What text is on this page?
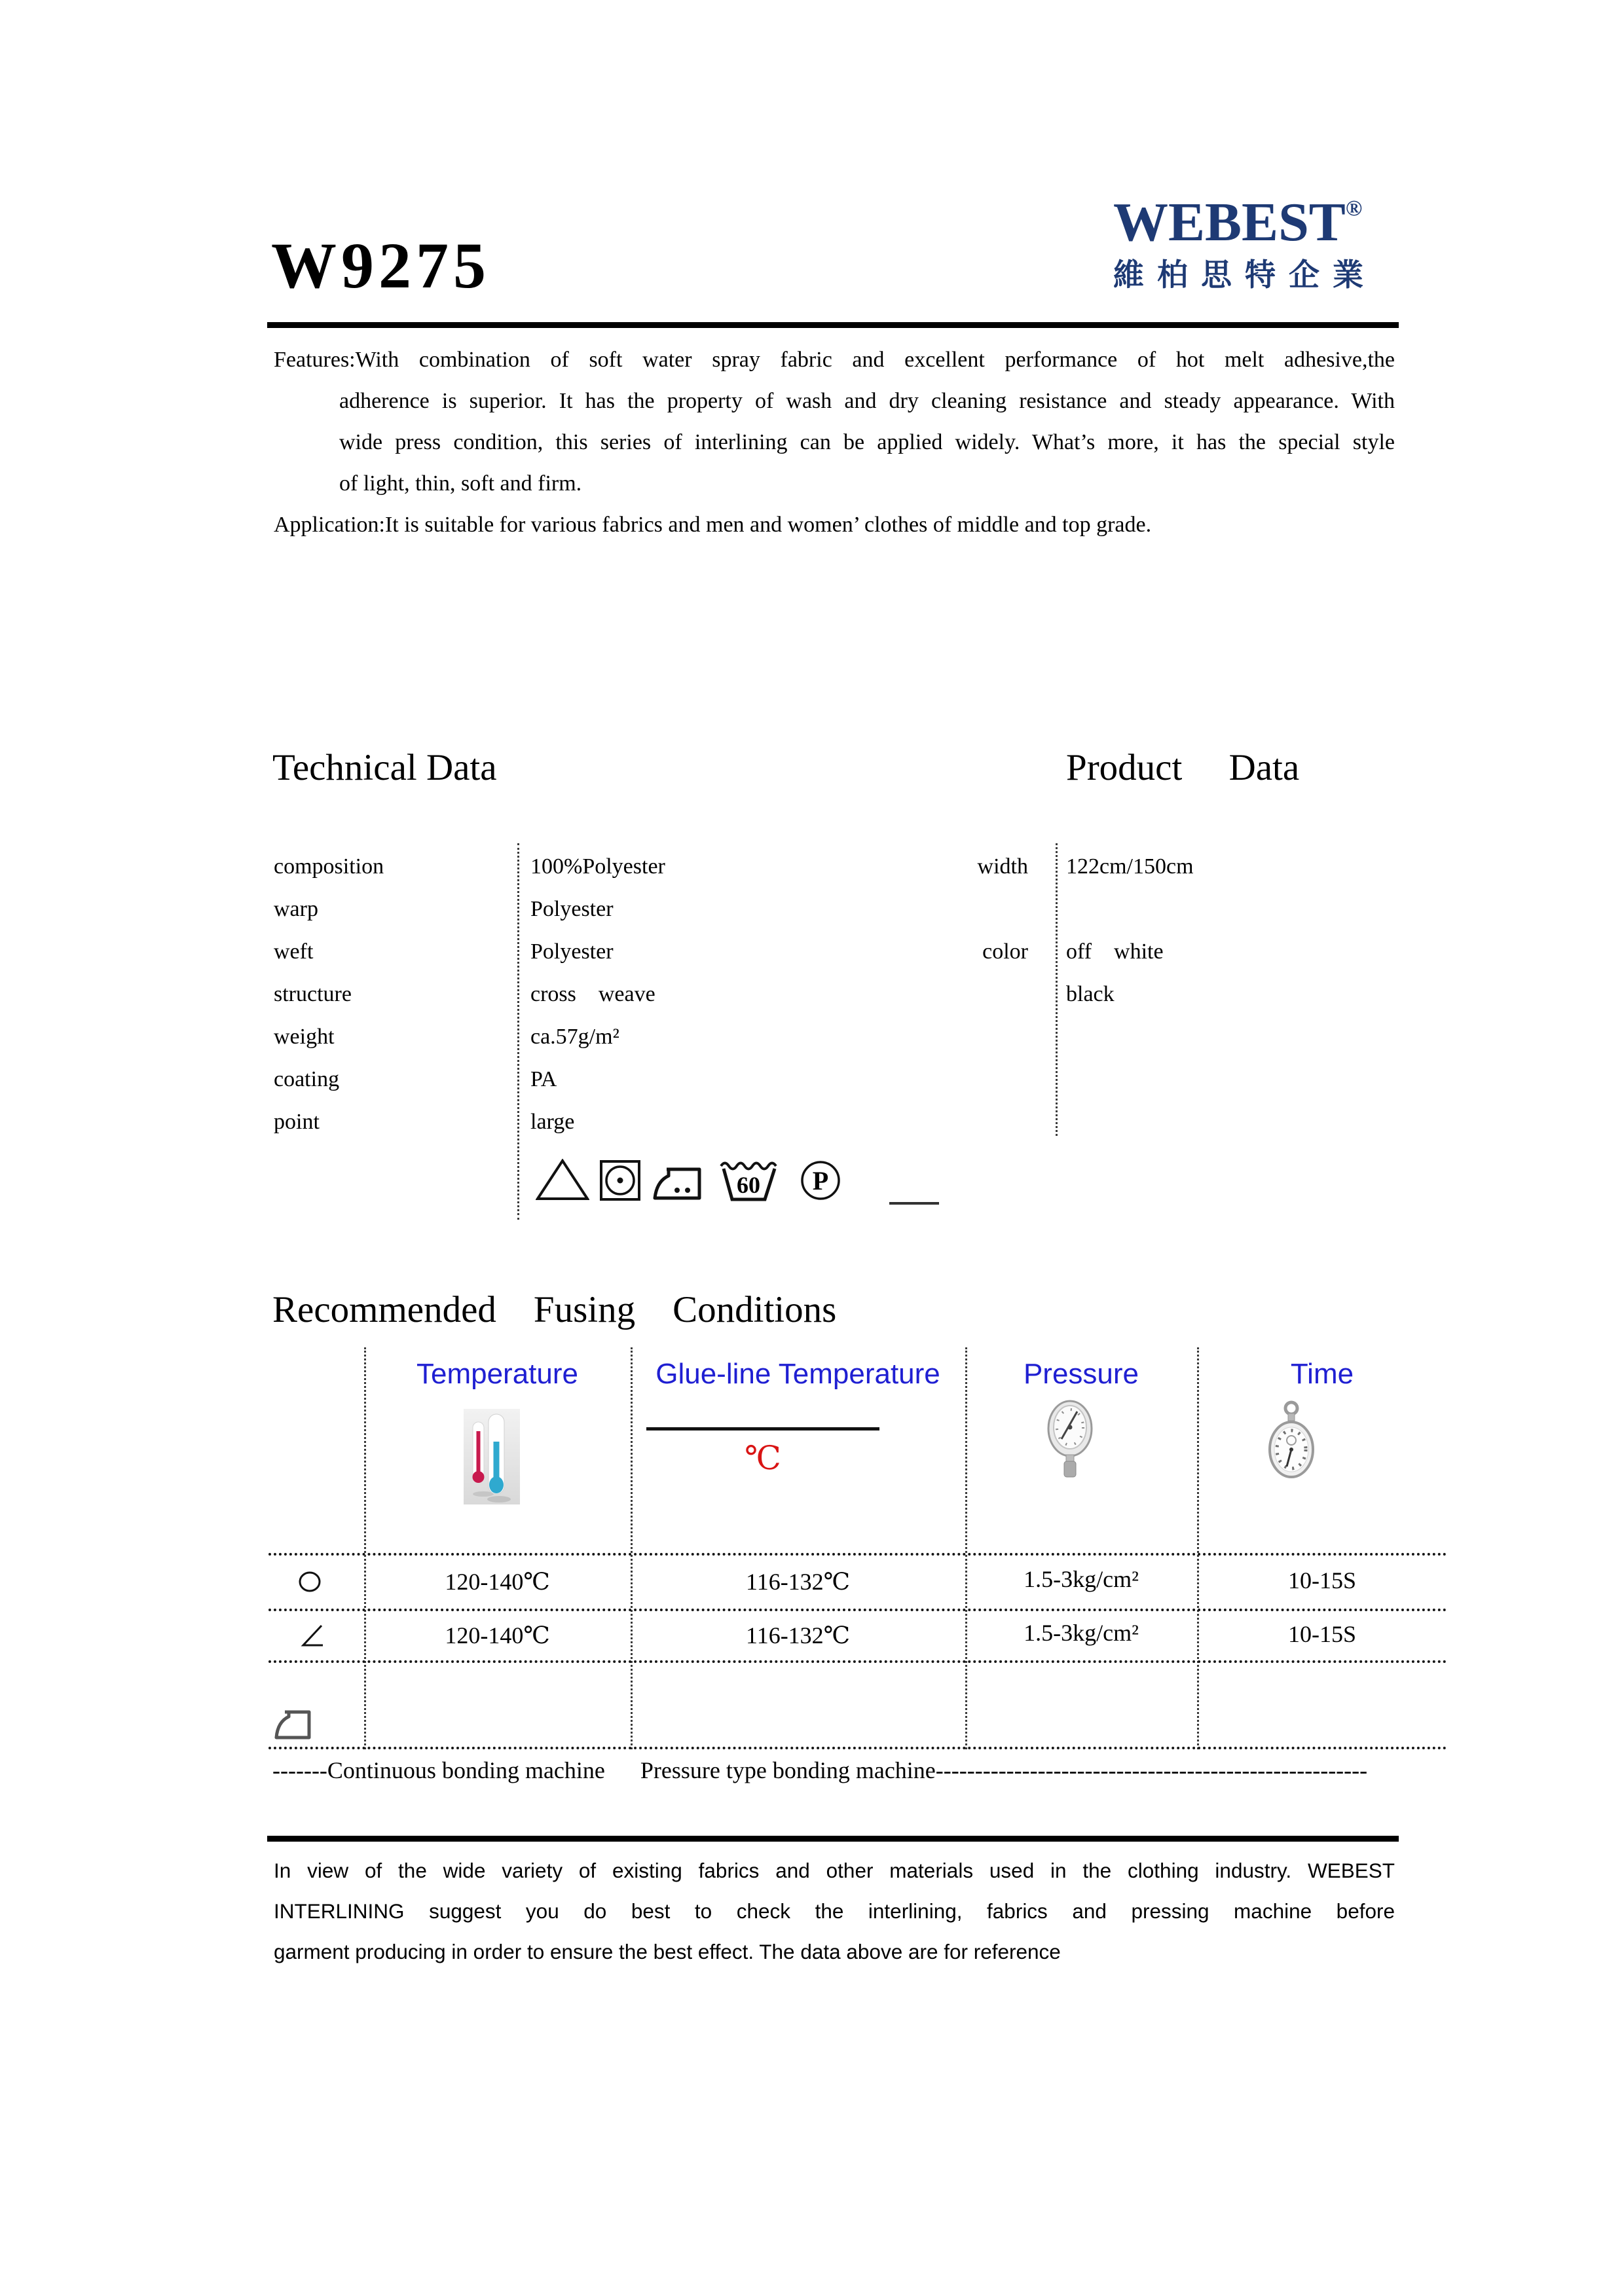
W9275
WEBEST®
維柏思特企業
Features:With combination of soft water spray fabric and excellent performance of hot melt adhesive,the
adherence is superior. It has the property of wash and dry cleaning resistance and steady appearance. With
wide press condition, this series of interlining can be applied widely. What’s more, it has the special style
of light, thin, soft and firm.
Application:It is suitable for various fabrics and men and women’ clothes of middle and top grade.
Technical Data	Product     Data
composition	100%Polyester
warp	Polyester
weft	Polyester
structure	cross    weave
weight	ca.57g/m²
coating	PA
point	large
width 122cm/150cm
color off    white
black
60 P
Recommended    Fusing    Conditions
Temperature	Glue-line Temperature	Pressure	Time
℃
120-140℃	116-132℃	1.5-3kg/cm²	10-15S
120-140℃	116-132℃	1.5-3kg/cm²	10-15S
-------Continuous bonding machine      Pressure type bonding machine-------------------------------------------------------
In view of the wide variety of existing fabrics and other materials used in the clothing industry. WEBEST
INTERLINING suggest you do best to check the interlining, fabrics and pressing machine before
garment producing in order to ensure the best effect. The data above are for reference
